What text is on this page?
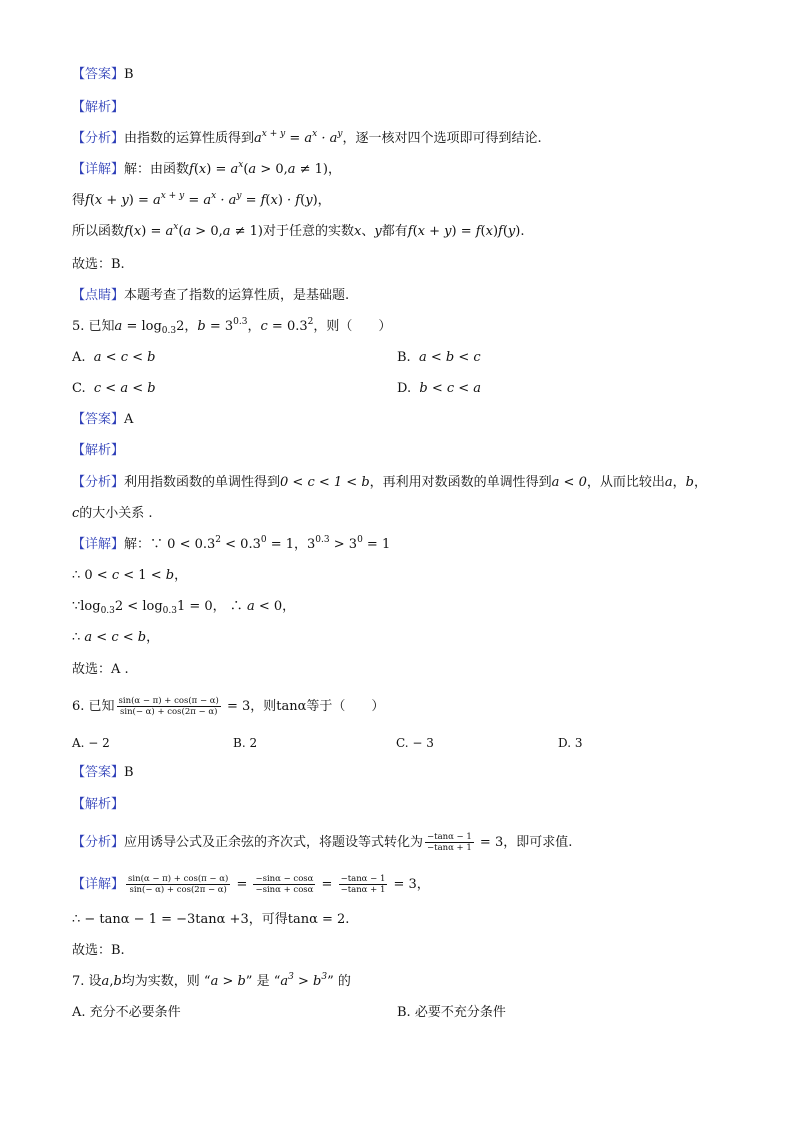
【答案】B
【解析】
【分析】由指数的运算性质得到$a^{x + y} = a^x \cdot a^y$，逐一核对四个选项即可得到结论.
【详解】解：由函数$f(x) = a^x(a > 0,a \ne 1)$，
得$f(x + y) = a^{x + y} = a^x \cdot a^y = f(x) \cdot f(y)$，
所以函数$f(x) = a^x(a > 0,a \ne 1)$对于任意的实数x、y都有f(x + y) = f(x)f(y).
故选：B.
【点睛】本题考查了指数的运算性质，是基础题.
5. 已知$a = \log_{0.3}2$，$b = 3^{0.3}$，$c = 0.3^2$，则（　　）
A. a < c < b	B. a < b < c
C. c < a < b	D. b < c < a
【答案】A
【解析】
【分析】利用指数函数的单调性得到0 < c < 1 < b，再利用对数函数的单调性得到a < 0，从而比较出a，b，
c的大小关系 .
【详解】解：∵ $0 < 0.3^2 < 0.3^0 = 1$，$3^{0.3} > 3^0 = 1$
∴ 0 < c < 1 < b，
$\because\log_{0.3}2 < \log_{0.3}1 = 0$， ∴ a < 0，
∴ a < c < b，
故选：A .
6. 已知 $\frac{\sin(\alpha - \pi) + \cos(\pi - \alpha)}{\sin(- \alpha) + \cos(2\pi - \alpha)} = 3$，则tanα等于（　　）
A. − 2	B. 2	C. − 3	D. 3
【答案】B
【解析】
【分析】应用诱导公式及正余弦的齐次式，将题设等式转化为 $\frac{-\tan\alpha - 1}{-\tan\alpha + 1} = 3$，即可求值.
【详解】 $\frac{\sin(\alpha - \pi) + \cos(\pi - \alpha)}{\sin(- \alpha) + \cos(2\pi - \alpha)} = \frac{-\sin\alpha - \cos\alpha}{-\sin\alpha + \cos\alpha} = \frac{-\tan\alpha - 1}{-\tan\alpha + 1} = 3$，
∴ − tanα − 1 = −3tanα +3，可得tanα = 2.
故选：B.
7. 设a,b均为实数，则 “a > b” 是 “$a^3 > b^3$” 的
A. 充分不必要条件	B. 必要不充分条件
